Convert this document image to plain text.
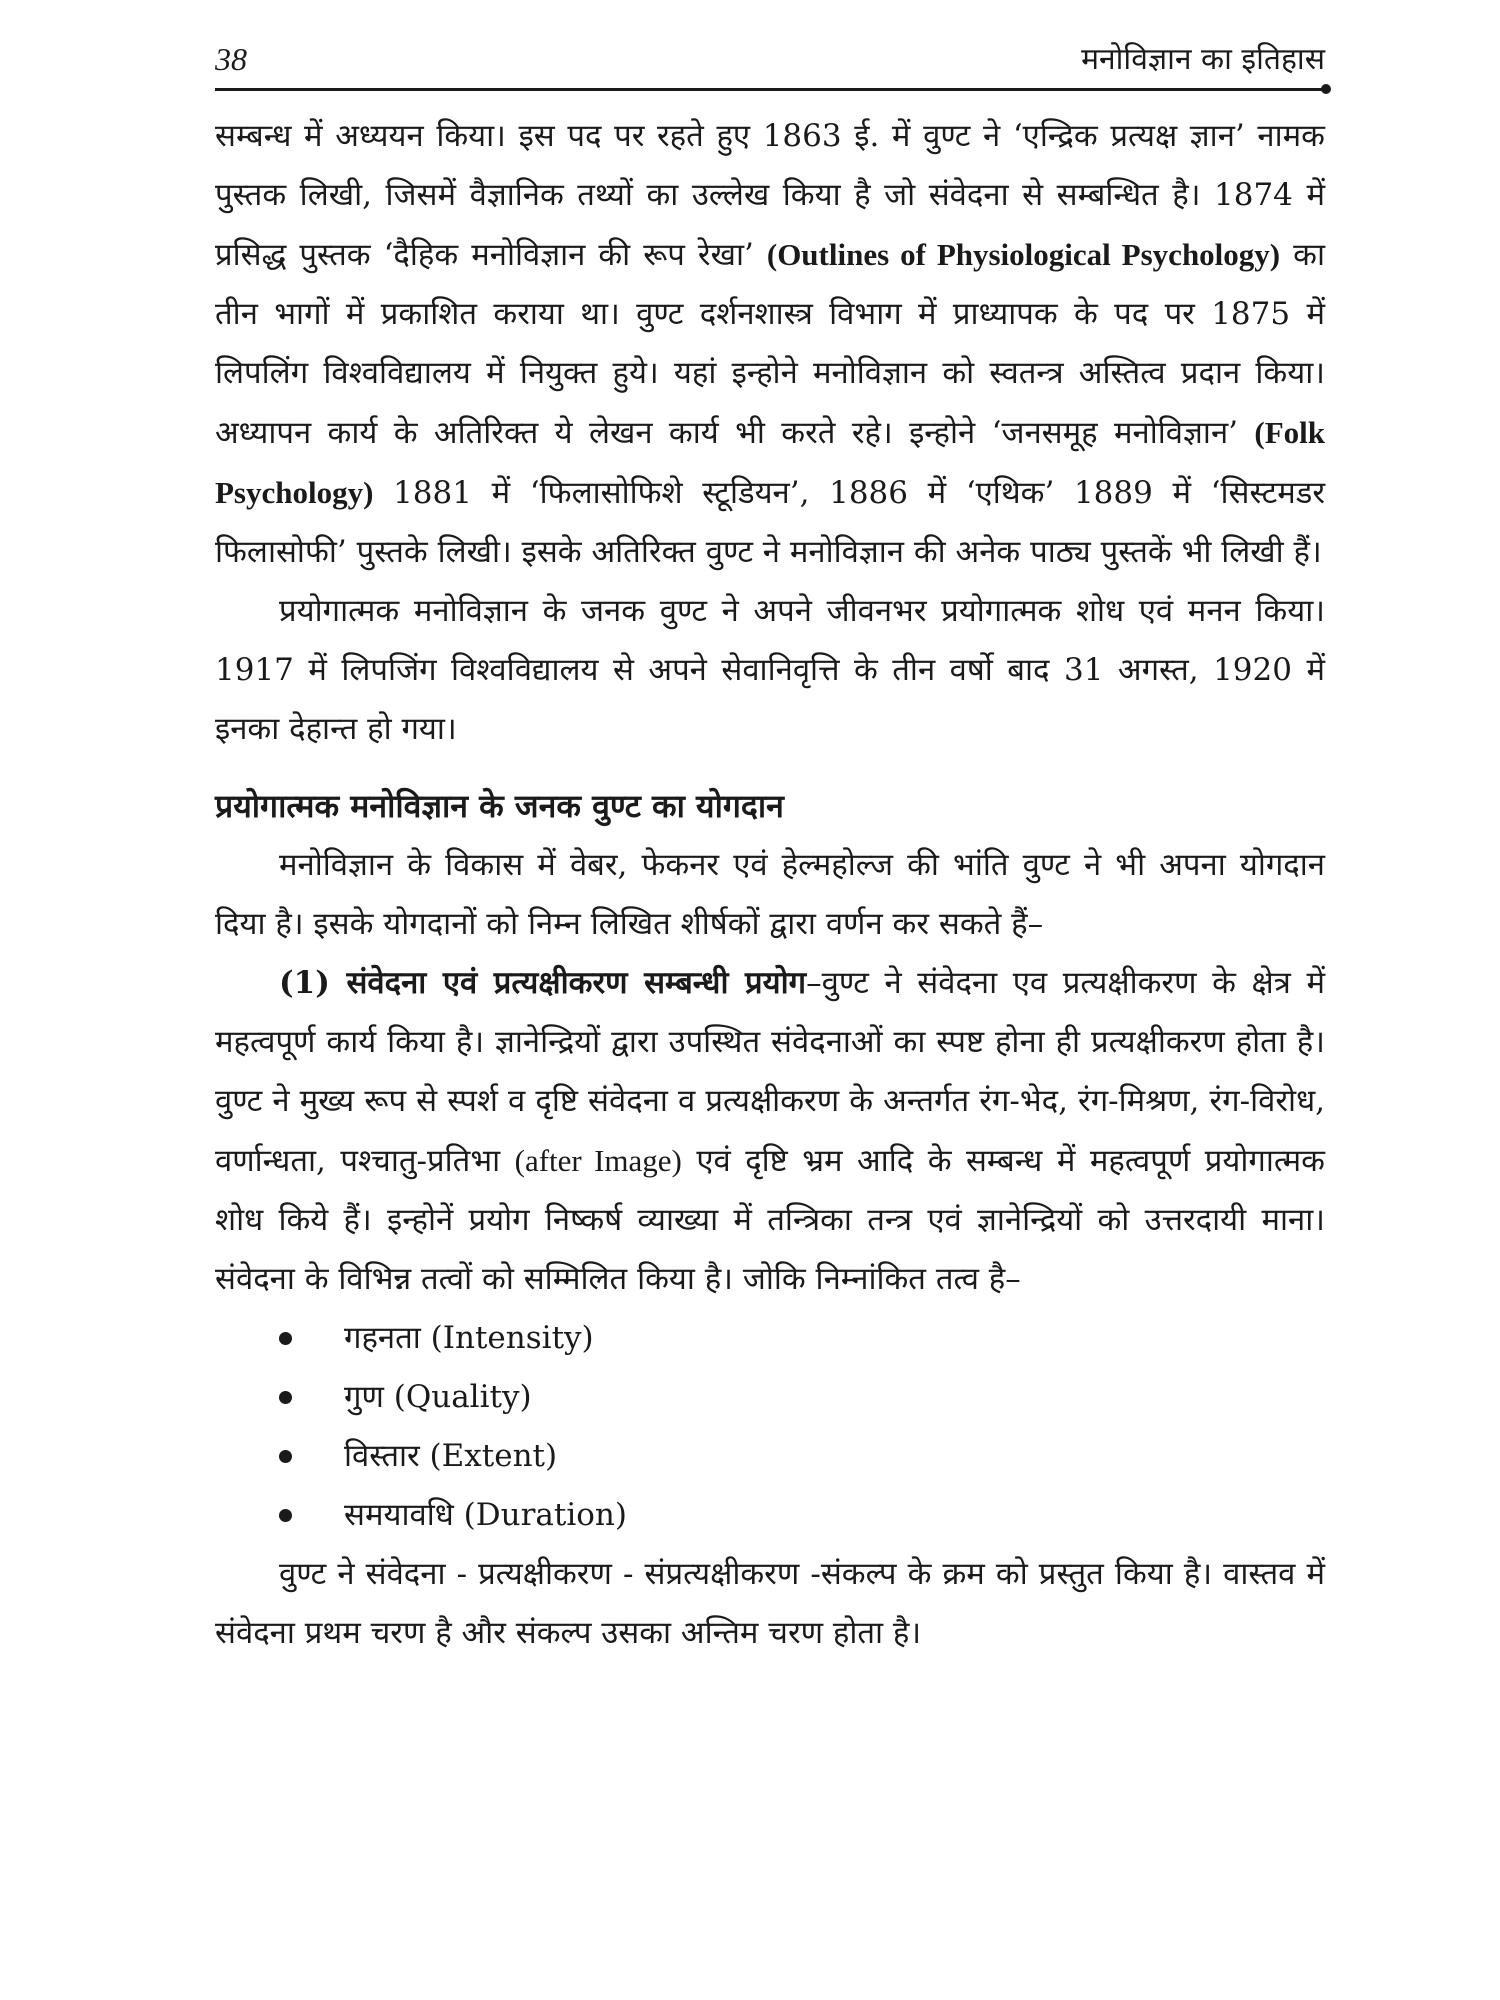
38	मनोविज्ञान का इतिहास

सम्बन्ध में अध्ययन किया। इस पद पर रहते हुए 1863 ई. में वुण्ट ने ‘एन्द्रिक प्रत्यक्ष ज्ञान’ नामक पुस्तक लिखी, जिसमें वैज्ञानिक तथ्यों का उल्लेख किया है जो संवेदना से सम्बन्धित है। 1874 में प्रसिद्ध पुस्तक ‘दैहिक मनोविज्ञान की रूप रेखा’ (Outlines of Physiological Psychology) का तीन भागों में प्रकाशित कराया था। वुण्ट दर्शनशास्त्र विभाग में प्राध्यापक के पद पर 1875 में लिपलिंग विश्वविद्यालय में नियुक्त हुये। यहां इन्होने मनोविज्ञान को स्वतन्त्र अस्तित्व प्रदान किया। अध्यापन कार्य के अतिरिक्त ये लेखन कार्य भी करते रहे। इन्होने ‘जनसमूह मनोविज्ञान’ (Folk Psychology) 1881 में ‘फिलासोफिशे स्टूडियन’, 1886 में ‘एथिक’ 1889 में ‘सिस्टमडर फिलासोफी’ पुस्तके लिखी। इसके अतिरिक्त वुण्ट ने मनोविज्ञान की अनेक पाठ्य पुस्तकें भी लिखी हैं।

प्रयोगात्मक मनोविज्ञान के जनक वुण्ट ने अपने जीवनभर प्रयोगात्मक शोध एवं मनन किया। 1917 में लिपजिंग विश्वविद्यालय से अपने सेवानिवृत्ति के तीन वर्षो बाद 31 अगस्त, 1920 में इनका देहान्त हो गया।

प्रयोगात्मक मनोविज्ञान के जनक वुण्ट का योगदान

मनोविज्ञान के विकास में वेबर, फेकनर एवं हेल्महोल्ज की भांति वुण्ट ने भी अपना योगदान दिया है। इसके योगदानों को निम्न लिखित शीर्षकों द्वारा वर्णन कर सकते हैं–

(1) संवेदना एवं प्रत्यक्षीकरण सम्बन्धी प्रयोग–वुण्ट ने संवेदना एव प्रत्यक्षीकरण के क्षेत्र में महत्वपूर्ण कार्य किया है। ज्ञानेन्द्रियों द्वारा उपस्थित संवेदनाओं का स्पष्ट होना ही प्रत्यक्षीकरण होता है। वुण्ट ने मुख्य रूप से स्पर्श व दृष्टि संवेदना व प्रत्यक्षीकरण के अन्तर्गत रंग-भेद, रंग-मिश्रण, रंग-विरोध, वर्णान्धता, पश्चातु-प्रतिभा (after Image) एवं दृष्टि भ्रम आदि के सम्बन्ध में महत्वपूर्ण प्रयोगात्मक शोध किये हैं। इन्होनें प्रयोग निष्कर्ष व्याख्या में तन्त्रिका तन्त्र एवं ज्ञानेन्द्रियों को उत्तरदायी माना। संवेदना के विभिन्न तत्वों को सम्मिलित किया है। जोकि निम्नांकित तत्व है–

गहनता (Intensity)
गुण (Quality)
विस्तार (Extent)
समयावधि (Duration)

वुण्ट ने संवेदना - प्रत्यक्षीकरण - संप्रत्यक्षीकरण -संकल्प के क्रम को प्रस्तुत किया है। वास्तव में संवेदना प्रथम चरण है और संकल्प उसका अन्तिम चरण होता है।
